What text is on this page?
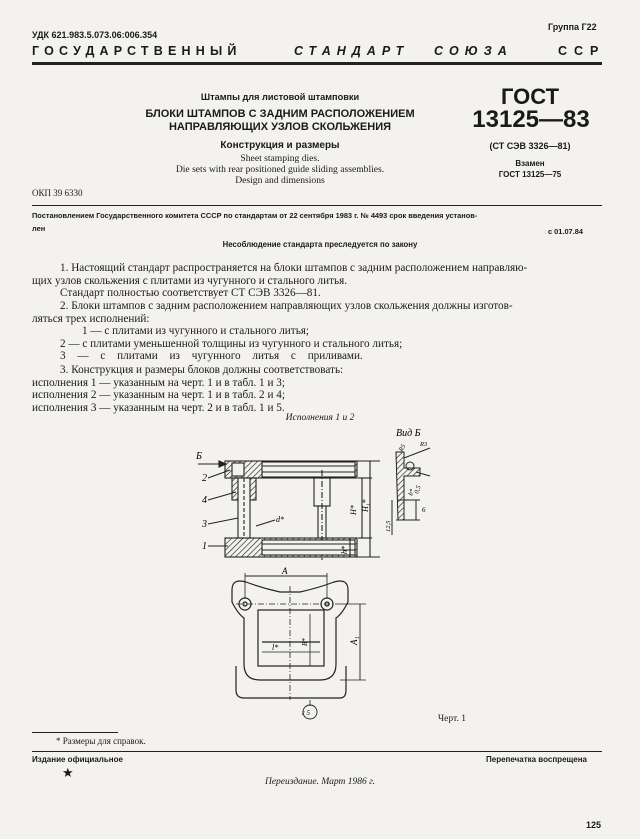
УДК 621.983.5.073.06:006.354
Группа Г22
ГОСУДАРСТВЕННЫЙ	СТАНДАРТ СОЮЗА	ССР
Штампы для листовой штамповки
БЛОКИ ШТАМПОВ С ЗАДНИМ РАСПОЛОЖЕНИЕМ
НАПРАВЛЯЮЩИХ УЗЛОВ СКОЛЬЖЕНИЯ
Конструкция и размеры
Sheet stamping dies.
Die sets with rear positioned guide sliding assemblies.
Design and dimensions
ГОСТ
13125—83
(СТ СЭВ 3326—81)
Взамен
ГОСТ 13125—75
ОКП 39 6330
Постановлением Государственного комитета СССР по стандартам от 22 сентября 1983 г. № 4493 срок введения установ-
лен	с 01.07.84
Несоблюдение стандарта преследуется по закону
1. Настоящий стандарт распространяется на блоки штампов с задним расположением направляю-
щих узлов скольжения с плитами из чугунного и стального литья.
Стандарт полностью соответствует СТ СЭВ 3326—81.
2. Блоки штампов с задним расположением направляющих узлов скольжения должны изготов-
ляться трех исполнений:
1 — с плитами из чугунного и стального литья;
2 — с плитами уменьшенной толщины из чугунного и стального литья;
3 — с плитами из чугунного литья с приливами.
3. Конструкция и размеры блоков должны соответствовать:
исполнения 1 — указанным на черт. 1 и в табл. 1 и 3;
исполнения 2 — указанным на черт. 1 и в табл. 2 и 4;
исполнения 3 — указанным на черт. 2 и в табл. 1 и 5.
Исполнения 1 и 2
Б
2
4
3
1
d*
H* H₁*
h*
Вид Б
R3
R5
0,5
b*
6
12,5
A
A₁
l*
B*
r 5
Черт. 1
* Размеры для справок.
Издание официальное
★
Перепечатка воспрещена
Переиздание. Март 1986 г.
125
